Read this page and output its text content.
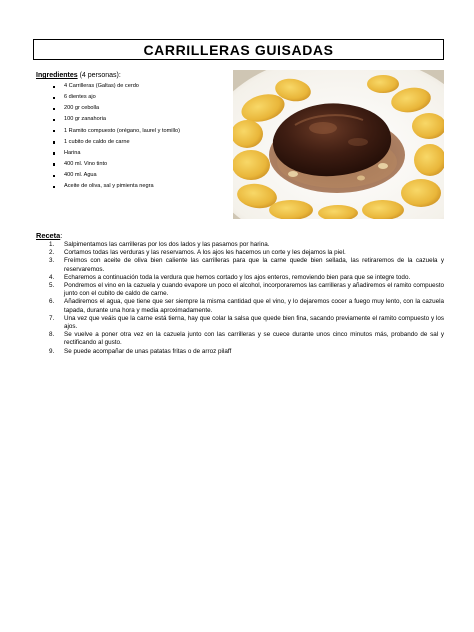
CARRILLERAS GUISADAS
Ingredientes (4 personas):
4 Carrilleras (Galtas) de cerdo
6 dientes ajo
200 gr cebolla
100 gr zanahoria
1 Ramito compuesto (orégano, laurel y tomillo)
1 cubito de caldo de carne
Harina
400 ml. Vino tinto
400 ml. Agua
Aceite de oliva, sal y pimienta negra
Receta:
1. Salpimentamos las carrilleras por los dos lados y las pasamos por harina.
2. Cortamos todas las verduras y las reservamos. A los ajos les hacemos un corte y les dejamos la piel.
3. Freímos con aceite de oliva bien caliente las carrilleras para que la carne quede bien sellada, las retiraremos de la cazuela y reservaremos.
4. Echaremos a continuación toda la verdura que hemos cortado y los ajos enteros, removiendo bien para que se integre todo.
5. Pondremos el vino en la cazuela y cuando evapore un poco el alcohol, incorporaremos las carrilleras y añadiremos el ramito compuesto junto con el cubito de caldo de carne.
6. Añadiremos el agua, que tiene que ser siempre la misma cantidad que el vino, y lo dejaremos cocer a fuego muy lento, con la cazuela tapada, durante una hora y media aproximadamente.
7. Una vez que veáis que la carne está tierna, hay que colar la salsa que quede bien fina, sacando previamente el ramito compuesto y los ajos.
8. Se vuelve a poner otra vez en la cazuela junto con las carrilleras y se cuece durante unos cinco minutos más, probando de sal y rectificando al gusto.
9. Se puede acompañar de unas patatas fritas o de arroz pilaff
